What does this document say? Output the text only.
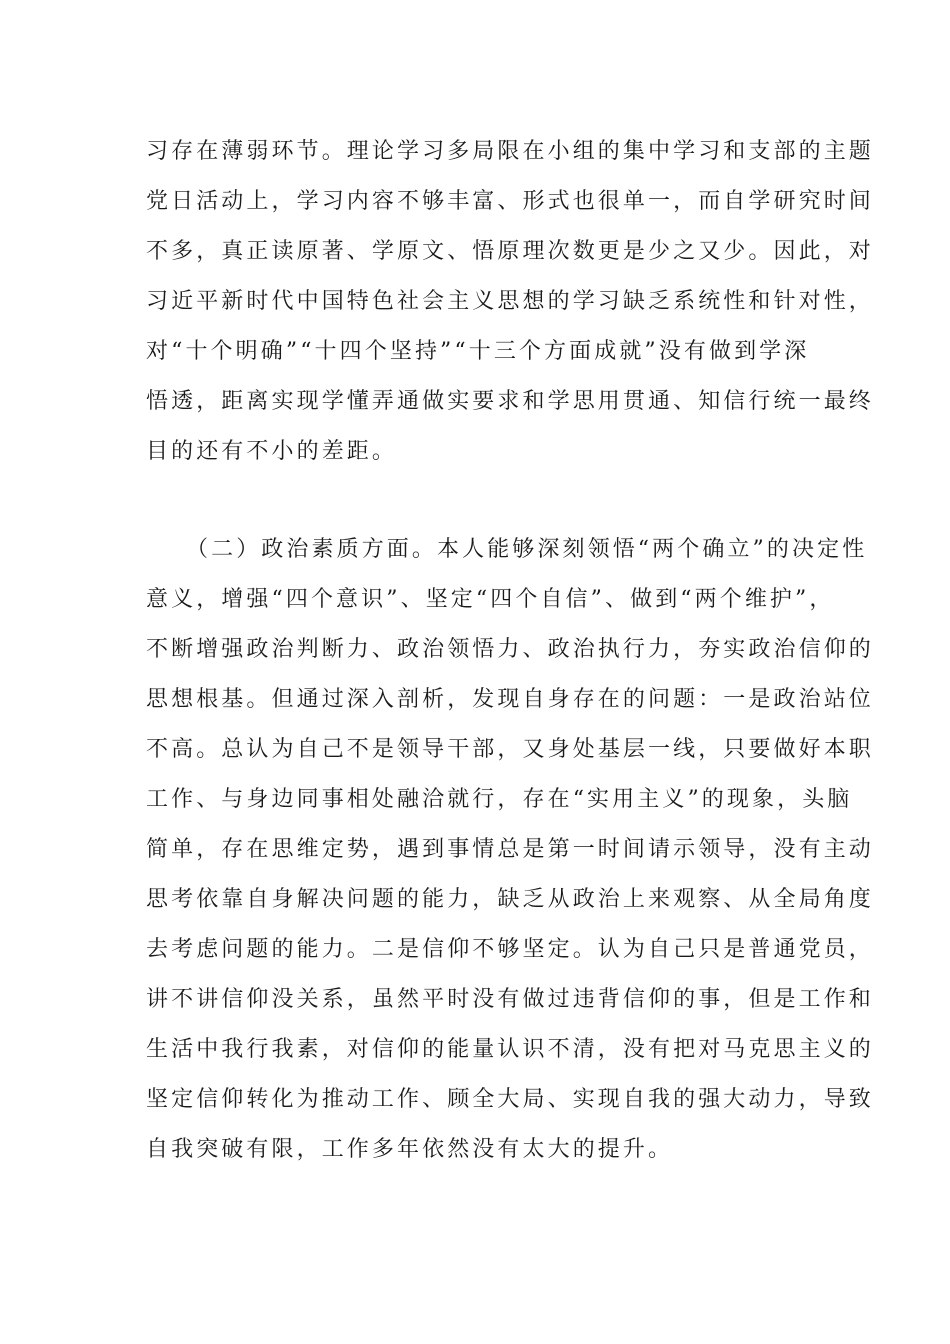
习存在薄弱环节。理论学习多局限在小组的集中学习和支部的主题
党日活动上，学习内容不够丰富、形式也很单一，而自学研究时间
不多，真正读原著、学原文、悟原理次数更是少之又少。因此，对
习近平新时代中国特色社会主义思想的学习缺乏系统性和针对性，
对“十个明确”“十四个坚持”“十三个方面成就”没有做到学深
悟透，距离实现学懂弄通做实要求和学思用贯通、知信行统一最终
目的还有不小的差距。
（二）政治素质方面。本人能够深刻领悟“两个确立”的决定性
意义，增强“四个意识”、坚定“四个自信”、做到“两个维护”，
不断增强政治判断力、政治领悟力、政治执行力，夯实政治信仰的
思想根基。但通过深入剖析，发现自身存在的问题：一是政治站位
不高。总认为自己不是领导干部，又身处基层一线，只要做好本职
工作、与身边同事相处融洽就行，存在“实用主义”的现象，头脑
简单，存在思维定势，遇到事情总是第一时间请示领导，没有主动
思考依靠自身解决问题的能力，缺乏从政治上来观察、从全局角度
去考虑问题的能力。二是信仰不够坚定。认为自己只是普通党员，
讲不讲信仰没关系，虽然平时没有做过违背信仰的事，但是工作和
生活中我行我素，对信仰的能量认识不清，没有把对马克思主义的
坚定信仰转化为推动工作、顾全大局、实现自我的强大动力，导致
自我突破有限，工作多年依然没有太大的提升。
